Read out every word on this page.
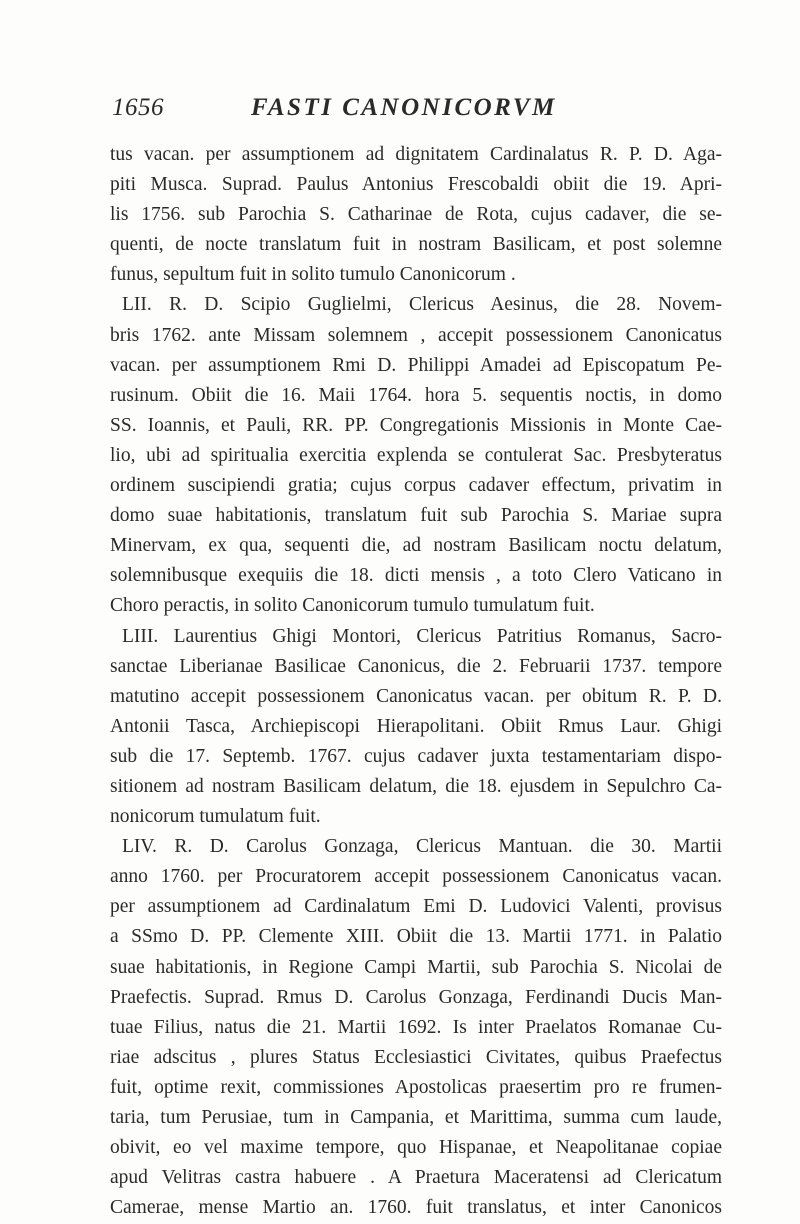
1656	FASTI CANONICORVM
tus vacan. per assumptionem ad dignitatem Cardinalatus R. P. D. Aga-
piti Musca. Suprad. Paulus Antonius Frescobaldi obiit die 19. Apri-
lis 1756. sub Parochia S. Catharinae de Rota, cujus cadaver, die se-
quenti, de nocte translatum fuit in nostram Basilicam, et post solemne
funus, sepultum fuit in solito tumulo Canonicorum .
LII. R. D. Scipio Guglielmi, Clericus Aesinus, die 28. Novem-
bris 1762. ante Missam solemnem , accepit possessionem Canonicatus
vacan. per assumptionem Rmi D. Philippi Amadei ad Episcopatum Pe-
rusinum. Obiit die 16. Maii 1764. hora 5. sequentis noctis, in domo
SS. Ioannis, et Pauli, RR. PP. Congregationis Missionis in Monte Cae-
lio, ubi ad spiritualia exercitia explenda se contulerat Sac. Presbyteratus
ordinem suscipiendi gratia; cujus corpus cadaver effectum, privatim in
domo suae habitationis, translatum fuit sub Parochia S. Mariae supra
Minervam, ex qua, sequenti die, ad nostram Basilicam noctu delatum,
solemnibusque exequiis die 18. dicti mensis , a toto Clero Vaticano in
Choro peractis, in solito Canonicorum tumulo tumulatum fuit.
LIII. Laurentius Ghigi Montori, Clericus Patritius Romanus, Sacro-
sanctae Liberianae Basilicae Canonicus, die 2. Februarii 1737. tempore
matutino accepit possessionem Canonicatus vacan. per obitum R. P. D.
Antonii Tasca, Archiepiscopi Hierapolitani. Obiit Rmus Laur. Ghigi
sub die 17. Septemb. 1767. cujus cadaver juxta testamentariam dispo-
sitionem ad nostram Basilicam delatum, die 18. ejusdem in Sepulchro Ca-
nonicorum tumulatum fuit.
LIV. R. D. Carolus Gonzaga, Clericus Mantuan. die 30. Martii
anno 1760. per Procuratorem accepit possessionem Canonicatus vacan.
per assumptionem ad Cardinalatum Emi D. Ludovici Valenti, provisus
a SSmo D. PP. Clemente XIII. Obiit die 13. Martii 1771. in Palatio
suae habitationis, in Regione Campi Martii, sub Parochia S. Nicolai de
Praefectis. Suprad. Rmus D. Carolus Gonzaga, Ferdinandi Ducis Man-
tuae Filius, natus die 21. Martii 1692. Is inter Praelatos Romanae Cu-
riae adscitus , plures Status Ecclesiastici Civitates, quibus Praefectus
fuit, optime rexit, commissiones Apostolicas praesertim pro re frumen-
taria, tum Perusiae, tum in Campania, et Marittima, summa cum laude,
obivit, eo vel maxime tempore, quo Hispanae, et Neapolitanae copiae
apud Velitras castra habuere . A Praetura Maceratensi ad Clericatum
Camerae, mense Martio an. 1760. fuit translatus, et inter Canonicos
